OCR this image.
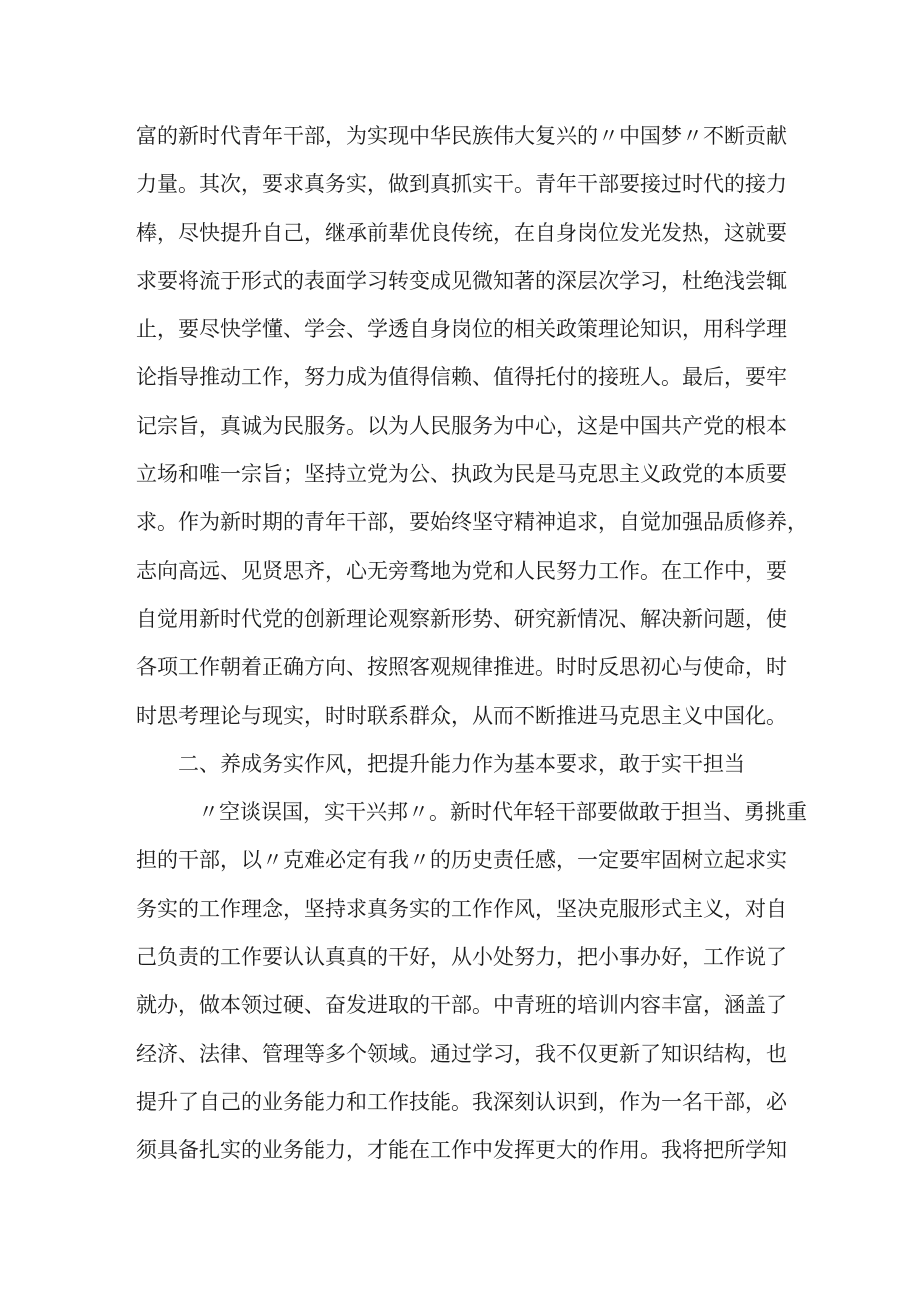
富的新时代青年干部，为实现中华民族伟大复兴的〃中国梦〃不断贡献
力量。其次，要求真务实，做到真抓实干。青年干部要接过时代的接力
棒，尽快提升自己，继承前辈优良传统，在自身岗位发光发热，这就要
求要将流于形式的表面学习转变成见微知著的深层次学习，杜绝浅尝辄
止，要尽快学懂、学会、学透自身岗位的相关政策理论知识，用科学理
论指导推动工作，努力成为值得信赖、值得托付的接班人。最后，要牢
记宗旨，真诚为民服务。以为人民服务为中心，这是中国共产党的根本
立场和唯一宗旨；坚持立党为公、执政为民是马克思主义政党的本质要
求。作为新时期的青年干部，要始终坚守精神追求，自觉加强品质修养，
志向高远、见贤思齐，心无旁骛地为党和人民努力工作。在工作中，要
自觉用新时代党的创新理论观察新形势、研究新情况、解决新问题，使
各项工作朝着正确方向、按照客观规律推进。时时反思初心与使命，时
时思考理论与现实，时时联系群众，从而不断推进马克思主义中国化。
二、养成务实作风，把提升能力作为基本要求，敢于实干担当
〃空谈误国，实干兴邦〃。新时代年轻干部要做敢于担当、勇挑重
担的干部，以〃克难必定有我〃的历史责任感，一定要牢固树立起求实
务实的工作理念，坚持求真务实的工作作风，坚决克服形式主义，对自
己负责的工作要认认真真的干好，从小处努力，把小事办好，工作说了
就办，做本领过硬、奋发进取的干部。中青班的培训内容丰富，涵盖了
经济、法律、管理等多个领域。通过学习，我不仅更新了知识结构，也
提升了自己的业务能力和工作技能。我深刻认识到，作为一名干部，必
须具备扎实的业务能力，才能在工作中发挥更大的作用。我将把所学知
